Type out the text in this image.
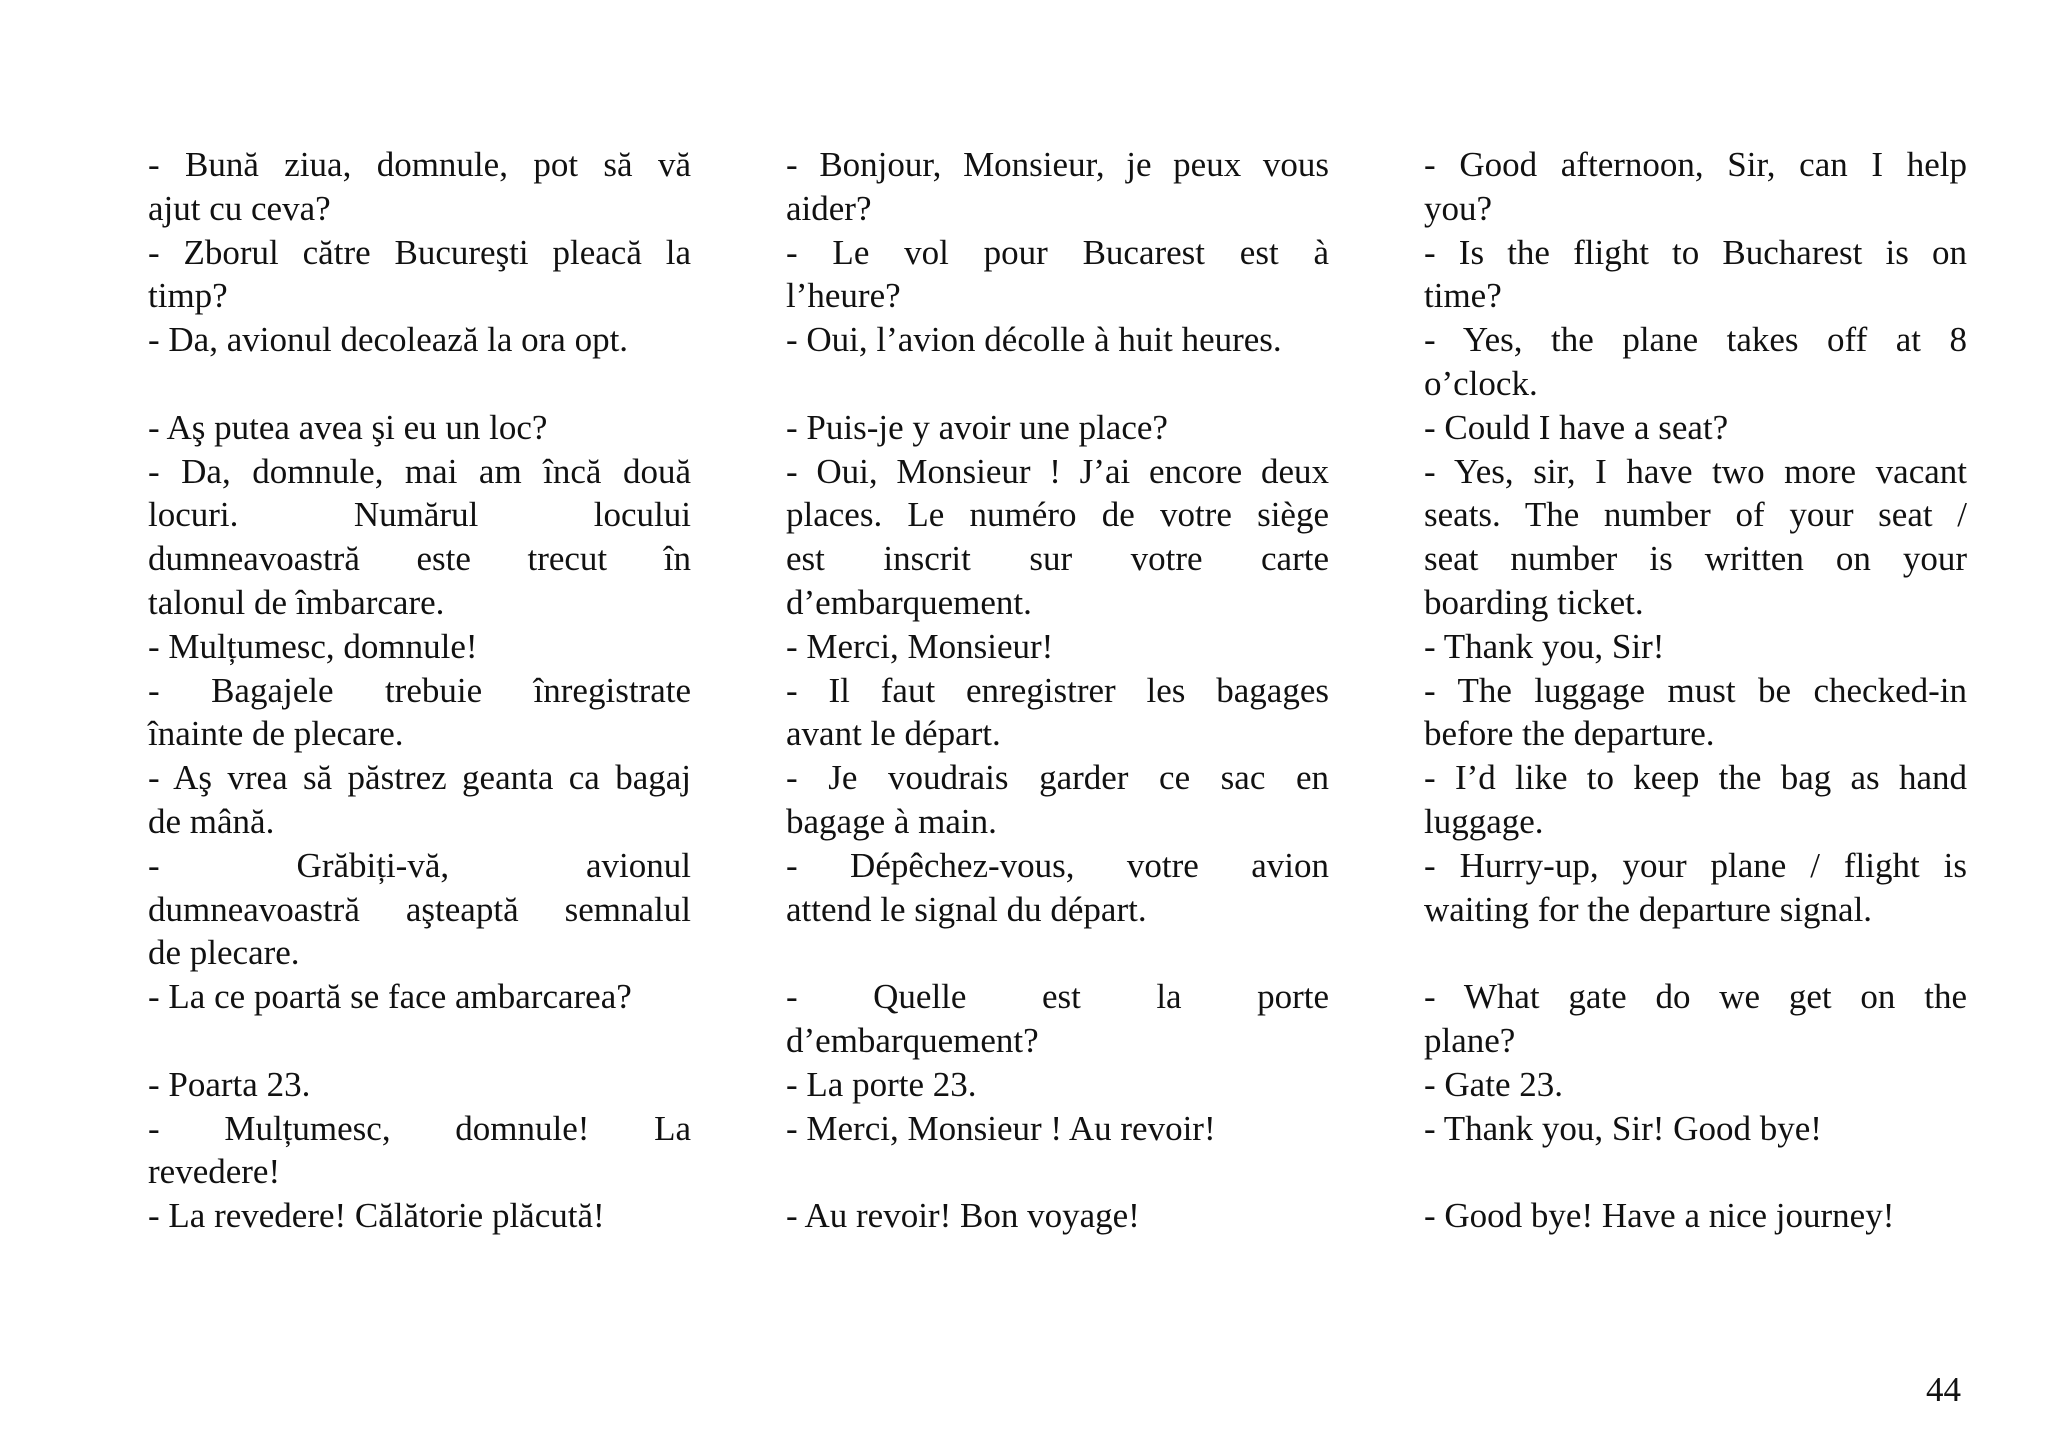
- Bună ziua, domnule, pot să vă
ajut cu ceva?
- Zborul către Bucureşti pleacă la
timp?
- Da, avionul decolează la ora opt.
- Aş putea avea şi eu un loc?
- Da, domnule, mai am încă două
locuri. Numărul locului
dumneavoastră este trecut în
talonul de îmbarcare.
- Mulțumesc, domnule!
- Bagajele trebuie înregistrate
înainte de plecare.
- Aş vrea să păstrez geanta ca bagaj
de mână.
- Grăbiți-vă, avionul
dumneavoastră aşteaptă semnalul
de plecare.
- La ce poartă se face ambarcarea?
- Poarta 23.
- Mulțumesc, domnule! La
revedere!
- La revedere! Călătorie plăcută!
- Bonjour, Monsieur, je peux vous
aider?
- Le vol pour Bucarest est à
l’heure?
- Oui, l’avion décolle à huit heures.
- Puis-je y avoir une place?
- Oui, Monsieur ! J’ai encore deux
places. Le numéro de votre siège
est inscrit sur votre carte
d’embarquement.
- Merci, Monsieur!
- Il faut enregistrer les bagages
avant le départ.
- Je voudrais garder ce sac en
bagage à main.
- Dépêchez-vous, votre avion
attend le signal du départ.
- Quelle est la porte
d’embarquement?
- La porte 23.
- Merci, Monsieur ! Au revoir!
- Au revoir! Bon voyage!
- Good afternoon, Sir, can I help
you?
- Is the flight to Bucharest is on
time?
- Yes, the plane takes off at 8
o’clock.
- Could I have a seat?
- Yes, sir, I have two more vacant
seats. The number of your seat /
seat number is written on your
boarding ticket.
- Thank you, Sir!
- The luggage must be checked-in
before the departure.
- I’d like to keep the bag as hand
luggage.
- Hurry-up, your plane / flight is
waiting for the departure signal.
- What gate do we get on the
plane?
- Gate 23.
- Thank you, Sir! Good bye!
- Good bye! Have a nice journey!
44
